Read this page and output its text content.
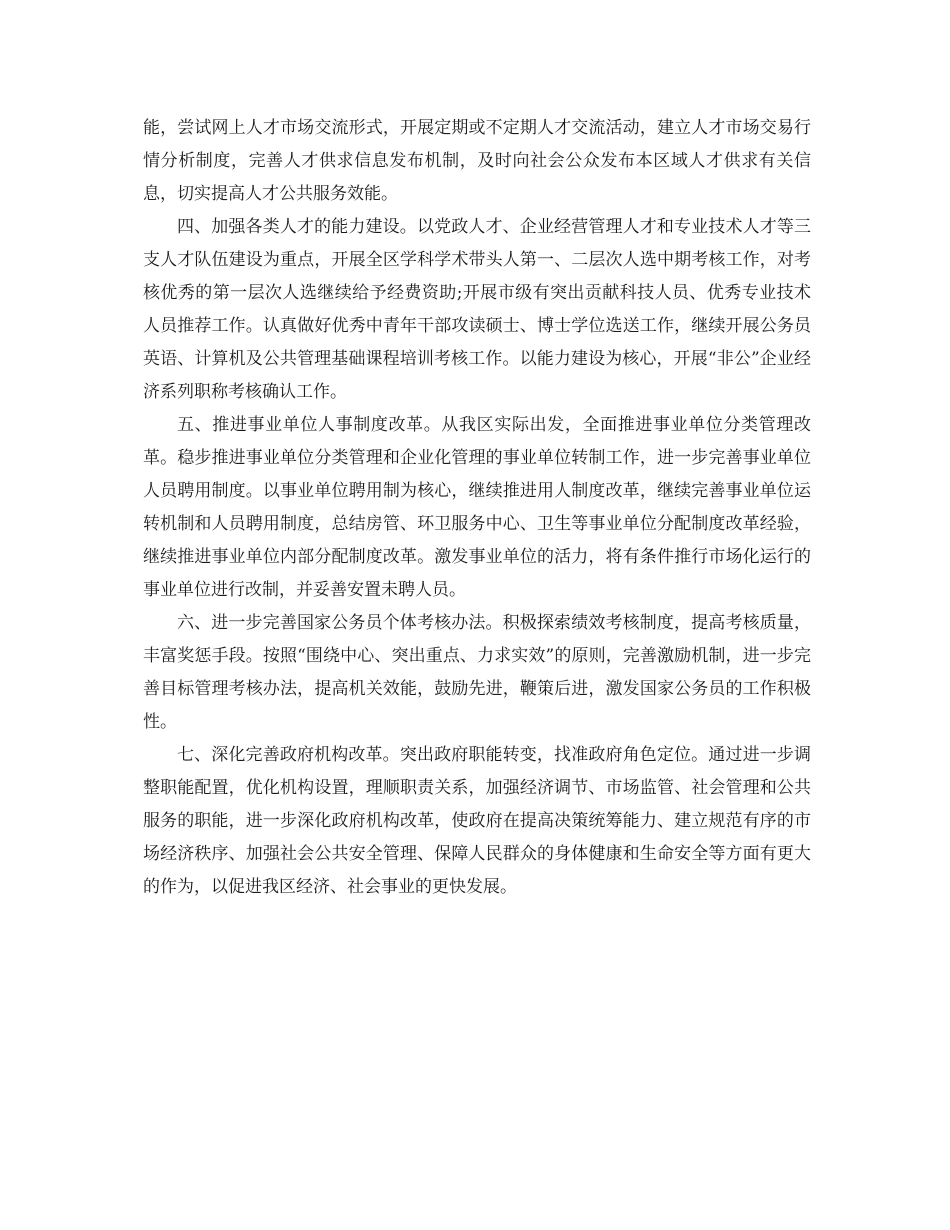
能，尝试网上人才市场交流形式，开展定期或不定期人才交流活动，建立人才市场交易行情分析制度，完善人才供求信息发布机制，及时向社会公众发布本区域人才供求有关信息，切实提高人才公共服务效能。

四、加强各类人才的能力建设。以党政人才、企业经营管理人才和专业技术人才等三支人才队伍建设为重点，开展全区学科学术带头人第一、二层次人选中期考核工作，对考核优秀的第一层次人选继续给予经费资助;开展市级有突出贡献科技人员、优秀专业技术人员推荐工作。认真做好优秀中青年干部攻读硕士、博士学位选送工作，继续开展公务员英语、计算机及公共管理基础课程培训考核工作。以能力建设为核心，开展“非公”企业经济系列职称考核确认工作。

五、推进事业单位人事制度改革。从我区实际出发，全面推进事业单位分类管理改革。稳步推进事业单位分类管理和企业化管理的事业单位转制工作，进一步完善事业单位人员聘用制度。以事业单位聘用制为核心，继续推进用人制度改革，继续完善事业单位运转机制和人员聘用制度，总结房管、环卫服务中心、卫生等事业单位分配制度改革经验，继续推进事业单位内部分配制度改革。激发事业单位的活力，将有条件推行市场化运行的事业单位进行改制，并妥善安置未聘人员。

六、进一步完善国家公务员个体考核办法。积极探索绩效考核制度，提高考核质量，丰富奖惩手段。按照“围绕中心、突出重点、力求实效”的原则，完善激励机制，进一步完善目标管理考核办法，提高机关效能，鼓励先进，鞭策后进，激发国家公务员的工作积极性。

七、深化完善政府机构改革。突出政府职能转变，找准政府角色定位。通过进一步调整职能配置，优化机构设置，理顺职责关系，加强经济调节、市场监管、社会管理和公共服务的职能，进一步深化政府机构改革，使政府在提高决策统筹能力、建立规范有序的市场经济秩序、加强社会公共安全管理、保障人民群众的身体健康和生命安全等方面有更大的作为，以促进我区经济、社会事业的更快发展。
